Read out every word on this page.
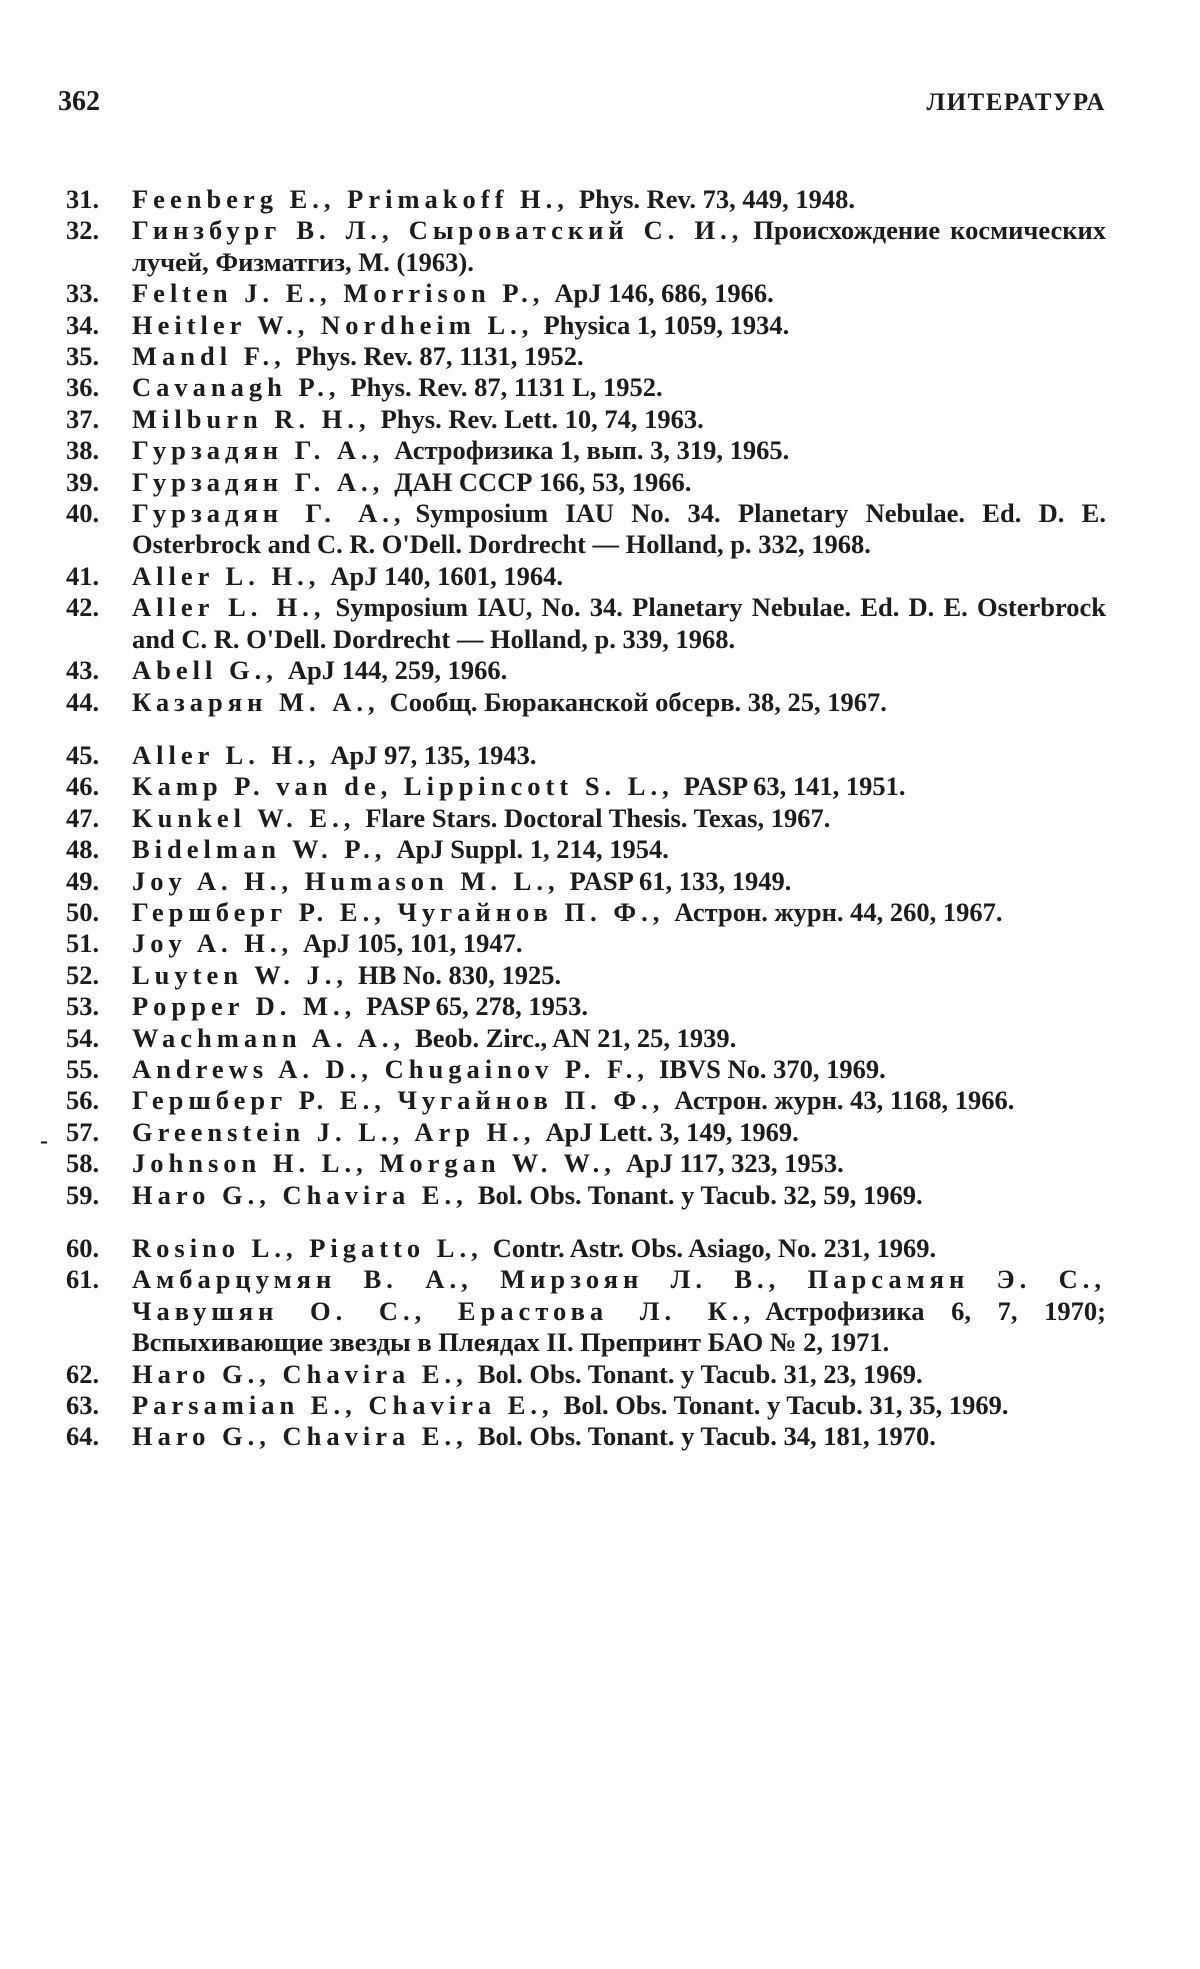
362	ЛИТЕРАТУРА
-
31. Feenberg E., Primakoff H., Phys. Rev. 73, 449, 1948.
32. Гинзбург В. Л., Сыроватский С. И., Происхождение космических лучей, Физматгиз, М. (1963).
33. Felten J. E., Morrison P., ApJ 146, 686, 1966.
34. Heitler W., Nordheim L., Physica 1, 1059, 1934.
35. Mandl F., Phys. Rev. 87, 1131, 1952.
36. Cavanagh P., Phys. Rev. 87, 1131 L, 1952.
37. Milburn R. H., Phys. Rev. Lett. 10, 74, 1963.
38. Гурзадян Г. А., Астрофизика 1, вып. 3, 319, 1965.
39. Гурзадян Г. А., ДАН СССР 166, 53, 1966.
40. Гурзадян Г. А., Symposium IAU No. 34. Planetary Nebulae. Ed. D. E. Osterbrock and C. R. O'Dell. Dordrecht — Holland, p. 332, 1968.
41. Aller L. H., ApJ 140, 1601, 1964.
42. Aller L. H., Symposium IAU, No. 34. Planetary Nebulae. Ed. D. E. Osterbrock and C. R. O'Dell. Dordrecht — Holland, p. 339, 1968.
43. Abell G., ApJ 144, 259, 1966.
44. Казарян М. А., Сообщ. Бюраканской обсерв. 38, 25, 1967.
45. Aller L. H., ApJ 97, 135, 1943.
46. Kamp P. van de, Lippincott S. L., PASP 63, 141, 1951.
47. Kunkel W. E., Flare Stars. Doctoral Thesis. Texas, 1967.
48. Bidelman W. P., ApJ Suppl. 1, 214, 1954.
49. Joy A. H., Humason M. L., PASP 61, 133, 1949.
50. Гершберг Р. Е., Чугайнов П. Ф., Астрон. журн. 44, 260, 1967.
51. Joy A. H., ApJ 105, 101, 1947.
52. Luyten W. J., HB No. 830, 1925.
53. Popper D. M., PASP 65, 278, 1953.
54. Wachmann A. A., Beob. Zirc., AN 21, 25, 1939.
55. Andrews A. D., Chugainov P. F., IBVS No. 370, 1969.
56. Гершберг Р. Е., Чугайнов П. Ф., Астрон. журн. 43, 1168, 1966.
57. Greenstein J. L., Arp H., ApJ Lett. 3, 149, 1969.
58. Johnson H. L., Morgan W. W., ApJ 117, 323, 1953.
59. Haro G., Chavira E., Bol. Obs. Tonant. y Tacub. 32, 59, 1969.
60. Rosino L., Pigatto L., Contr. Astr. Obs. Asiago, No. 231, 1969.
61. Амбарцумян В. А., Мирзоян Л. В., Парсамян Э. С., Чавушян О. С., Ерастова Л. К., Астрофизика 6, 7, 1970; Вспыхивающие звезды в Плеядах II. Препринт БАО № 2, 1971.
62. Haro G., Chavira E., Bol. Obs. Tonant. y Tacub. 31, 23, 1969.
63. Parsamian E., Chavira E., Bol. Obs. Tonant. y Tacub. 31, 35, 1969.
64. Haro G., Chavira E., Bol. Obs. Tonant. y Tacub. 34, 181, 1970.
